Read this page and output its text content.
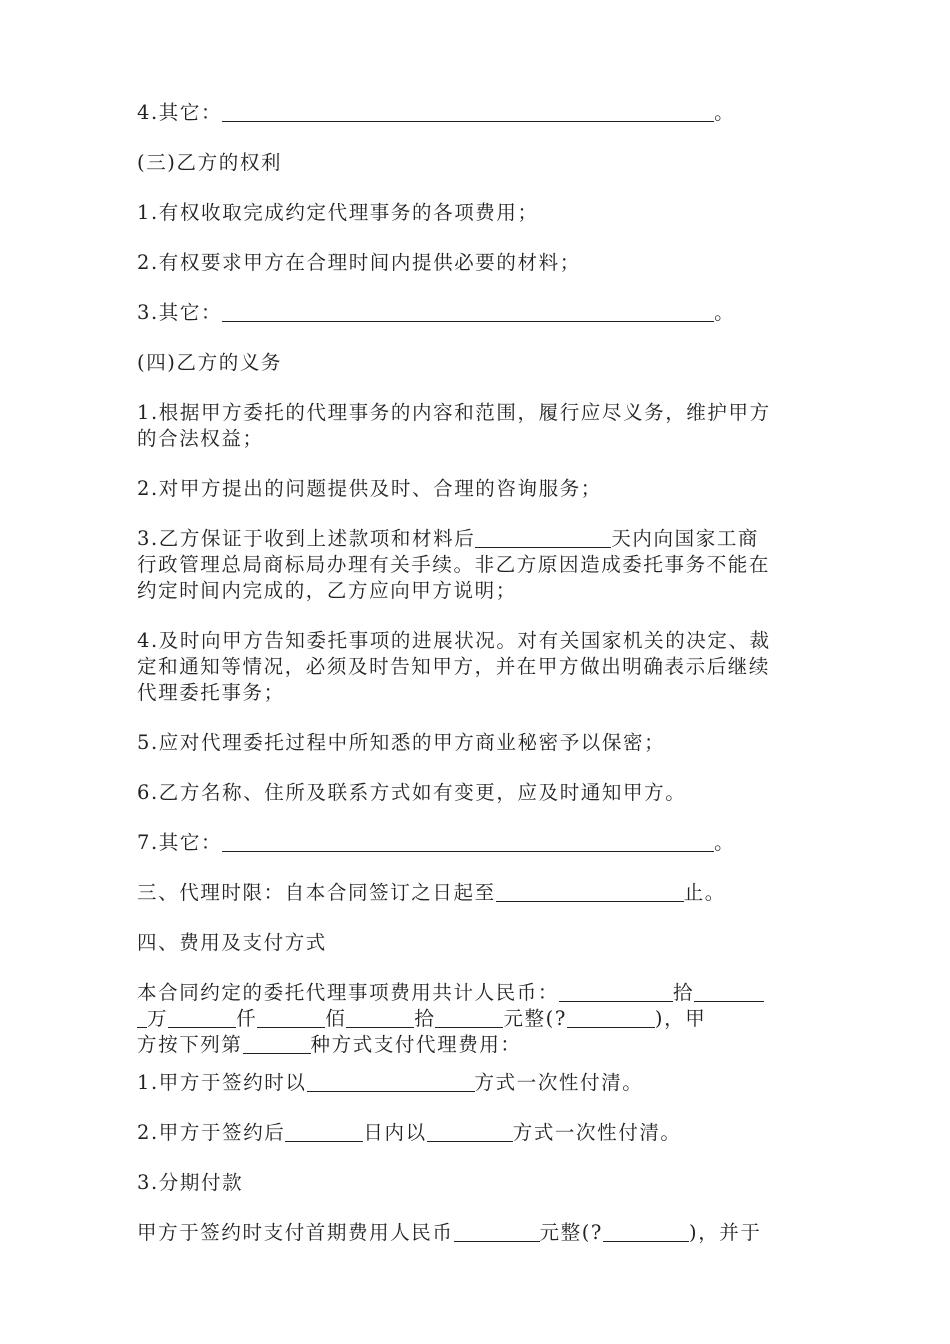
4.其它：	。

(三)乙方的权利

1.有权收取完成约定代理事务的各项费用；

2.有权要求甲方在合理时间内提供必要的材料；

3.其它：	。

(四)乙方的义务

1.根据甲方委托的代理事务的内容和范围，履行应尽义务，维护甲方
的合法权益；

2.对甲方提出的问题提供及时、合理的咨询服务；

3.乙方保证于收到上述款项和材料后	天内向国家工商
行政管理总局商标局办理有关手续。非乙方原因造成委托事务不能在
约定时间内完成的，乙方应向甲方说明；
4.及时向甲方告知委托事项的进展状况。对有关国家机关的决定、裁
定和通知等情况，必须及时告知甲方，并在甲方做出明确表示后继续
代理委托事务；

5.应对代理委托过程中所知悉的甲方商业秘密予以保密；

6.乙方名称、住所及联系方式如有变更，应及时通知甲方。

7.其它：	。

三、代理时限：自本合同签订之日起至	止。

四、费用及支付方式

本合同约定的委托代理事项费用共计人民币：	拾
万	仟	佰	拾	元整(?	)，甲
方按下列第	种方式支付代理费用：

1.甲方于签约时以	方式一次性付清。

2.甲方于签约后	日内以	方式一次性付清。

3.分期付款

甲方于签约时支付首期费用人民币	元整(?	)，并于
